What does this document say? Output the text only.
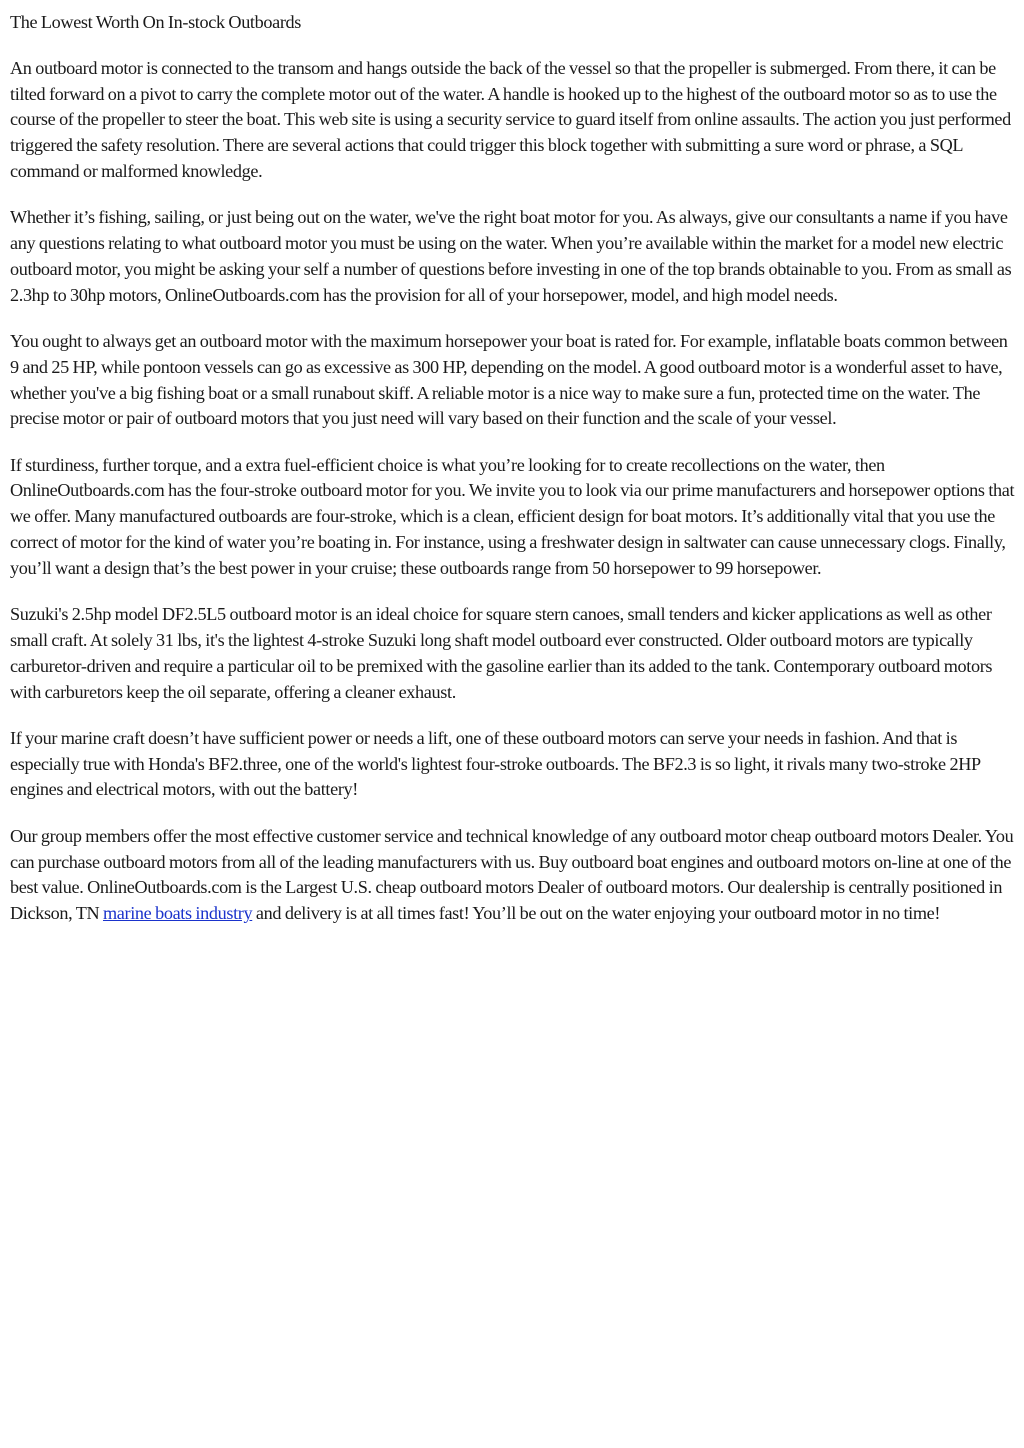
The Lowest Worth On In-stock Outboards

An outboard motor is connected to the transom and hangs outside the back of the vessel so that the propeller is submerged. From there, it can be tilted forward on a pivot to carry the complete motor out of the water. A handle is hooked up to the highest of the outboard motor so as to use the course of the propeller to steer the boat. This web site is using a security service to guard itself from online assaults. The action you just performed triggered the safety resolution. There are several actions that could trigger this block together with submitting a sure word or phrase, a SQL command or malformed knowledge.

Whether it’s fishing, sailing, or just being out on the water, we've the right boat motor for you. As always, give our consultants a name if you have any questions relating to what outboard motor you must be using on the water. When you’re available within the market for a model new electric outboard motor, you might be asking your self a number of questions before investing in one of the top brands obtainable to you. From as small as 2.3hp to 30hp motors, OnlineOutboards.com has the provision for all of your horsepower, model, and high model needs.

You ought to always get an outboard motor with the maximum horsepower your boat is rated for. For example, inflatable boats common between 9 and 25 HP, while pontoon vessels can go as excessive as 300 HP, depending on the model. A good outboard motor is a wonderful asset to have, whether you've a big fishing boat or a small runabout skiff. A reliable motor is a nice way to make sure a fun, protected time on the water. The precise motor or pair of outboard motors that you just need will vary based on their function and the scale of your vessel.

If sturdiness, further torque, and a extra fuel-efficient choice is what you’re looking for to create recollections on the water, then OnlineOutboards.com has the four-stroke outboard motor for you. We invite you to look via our prime manufacturers and horsepower options that we offer. Many manufactured outboards are four-stroke, which is a clean, efficient design for boat motors. It’s additionally vital that you use the correct of motor for the kind of water you’re boating in. For instance, using a freshwater design in saltwater can cause unnecessary clogs. Finally, you’ll want a design that’s the best power in your cruise; these outboards range from 50 horsepower to 99 horsepower.

Suzuki's 2.5hp model DF2.5L5 outboard motor is an ideal choice for square stern canoes, small tenders and kicker applications as well as other small craft. At solely 31 lbs, it's the lightest 4-stroke Suzuki long shaft model outboard ever constructed. Older outboard motors are typically carburetor-driven and require a particular oil to be premixed with the gasoline earlier than its added to the tank. Contemporary outboard motors with carburetors keep the oil separate, offering a cleaner exhaust.

If your marine craft doesn’t have sufficient power or needs a lift, one of these outboard motors can serve your needs in fashion. And that is especially true with Honda's BF2.three, one of the world's lightest four-stroke outboards. The BF2.3 is so light, it rivals many two-stroke 2HP engines and electrical motors, with out the battery!

Our group members offer the most effective customer service and technical knowledge of any outboard motor cheap outboard motors Dealer. You can purchase outboard motors from all of the leading manufacturers with us. Buy outboard boat engines and outboard motors on-line at one of the best value. OnlineOutboards.com is the Largest U.S. cheap outboard motors Dealer of outboard motors. Our dealership is centrally positioned in Dickson, TN marine boats industry and delivery is at all times fast! You’ll be out on the water enjoying your outboard motor in no time!
